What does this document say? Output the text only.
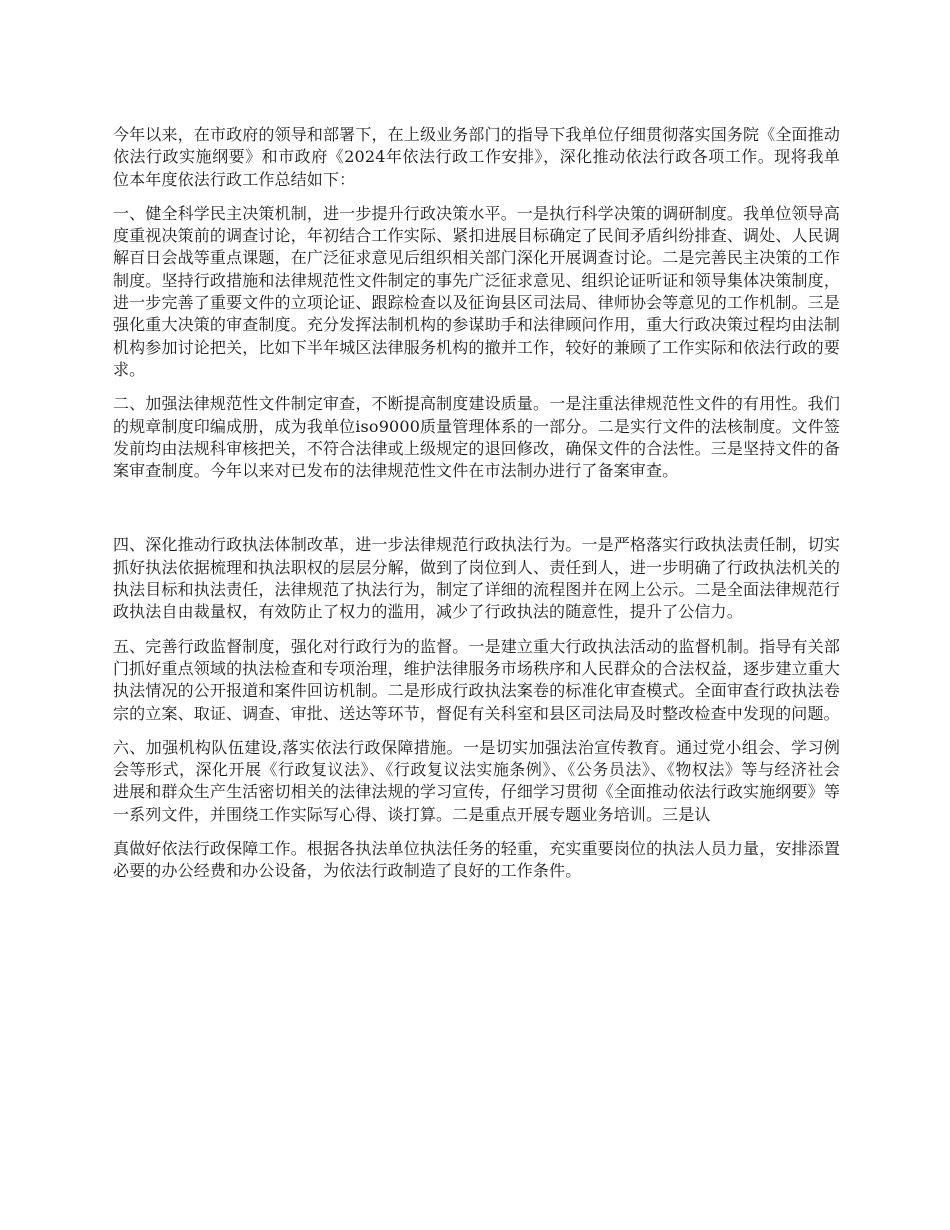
今年以来，在市政府的领导和部署下，在上级业务部门的指导下我单位仔细贯彻落实国务院《全面推动依法行政实施纲要》和市政府《2024年依法行政工作安排》，深化推动依法行政各项工作。现将我单位本年度依法行政工作总结如下：

一、健全科学民主决策机制，进一步提升行政决策水平。一是执行科学决策的调研制度。我单位领导高度重视决策前的调查讨论，年初结合工作实际、紧扣进展目标确定了民间矛盾纠纷排查、调处、人民调解百日会战等重点课题，在广泛征求意见后组织相关部门深化开展调查讨论。二是完善民主决策的工作制度。坚持行政措施和法律规范性文件制定的事先广泛征求意见、组织论证听证和领导集体决策制度，进一步完善了重要文件的立项论证、跟踪检查以及征询县区司法局、律师协会等意见的工作机制。三是强化重大决策的审查制度。充分发挥法制机构的参谋助手和法律顾问作用，重大行政决策过程均由法制机构参加讨论把关，比如下半年城区法律服务机构的撤并工作，较好的兼顾了工作实际和依法行政的要求。

二、加强法律规范性文件制定审查，不断提高制度建设质量。一是注重法律规范性文件的有用性。我们的规章制度印编成册，成为我单位iso9000质量管理体系的一部分。二是实行文件的法核制度。文件签发前均由法规科审核把关，不符合法律或上级规定的退回修改，确保文件的合法性。三是坚持文件的备案审查制度。今年以来对已发布的法律规范性文件在市法制办进行了备案审查。

四、深化推动行政执法体制改革，进一步法律规范行政执法行为。一是严格落实行政执法责任制，切实抓好执法依据梳理和执法职权的层层分解，做到了岗位到人、责任到人，进一步明确了行政执法机关的执法目标和执法责任，法律规范了执法行为，制定了详细的流程图并在网上公示。二是全面法律规范行政执法自由裁量权，有效防止了权力的滥用，减少了行政执法的随意性，提升了公信力。

五、完善行政监督制度，强化对行政行为的监督。一是建立重大行政执法活动的监督机制。指导有关部门抓好重点领域的执法检查和专项治理，维护法律服务市场秩序和人民群众的合法权益，逐步建立重大执法情况的公开报道和案件回访机制。二是形成行政执法案卷的标准化审查模式。全面审查行政执法卷宗的立案、取证、调查、审批、送达等环节，督促有关科室和县区司法局及时整改检查中发现的问题。

六、加强机构队伍建设,落实依法行政保障措施。一是切实加强法治宣传教育。通过党小组会、学习例会等形式，深化开展《行政复议法》、《行政复议法实施条例》、《公务员法》、《物权法》等与经济社会进展和群众生产生活密切相关的法律法规的学习宣传，仔细学习贯彻《全面推动依法行政实施纲要》等一系列文件，并围绕工作实际写心得、谈打算。二是重点开展专题业务培训。三是认

真做好依法行政保障工作。根据各执法单位执法任务的轻重，充实重要岗位的执法人员力量，安排添置必要的办公经费和办公设备，为依法行政制造了良好的工作条件。
